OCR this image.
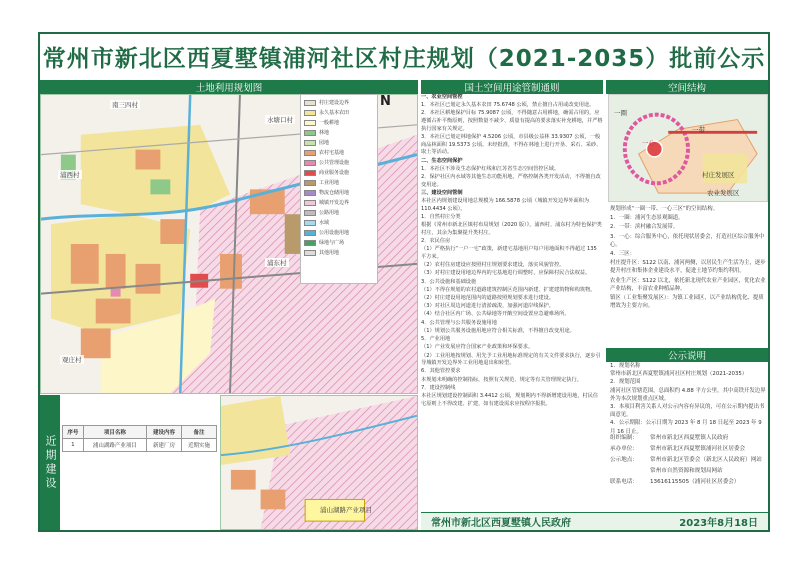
常州市新北区西夏墅镇浦河社区村庄规划（2021-2035）批前公示
土地利用规划图
N
南三四村
浦西村
浦东村
水塘口村
观庄村
村庄建设边界
永久基本农田
一般耕地
林地
园地
农村宅基地
公共管理设施
商业服务设施
工业用地
物流仓储用地
城镇开发边界
公路用地
水域
公用设施用地
绿地与广场
其他用地
近期建设
序号	项目名称	建设内容	备注
1	浦山湖路产业项目	新建厂房	近期实施
浦山湖路产业项目
国土空间用途管制通则

一、农业空间管控

1．本社区已划定永久基本农田 75.6748 公顷，禁止擅自占用或改变用途。

2．本社区耕地保护目标 75.9087 公顷，不得随意占用耕地，确需占用的，应遵循占补平衡原则，按照数量不减少、质量有提高的要求落实补充耕地，并严格执行国家有关规定。

3．本社区已划定林地保护 4.5206 公顷，市县级公益林 33.9307 公顷，一般商品林面积 19.5373 公顷。未经批准，不得在林地上进行开垦、采石、采砂、取土等活动。

二、生态空间保护

1．本社区不涉及生态保护红线和江苏省生态空间管控区域。

2．保护社区内水域等其他生态功能用地，严格控制各类开发活动，不得擅自改变用途。

三、建设空间管制

本社区内规划建设用地总规模为 166.5878 公顷（城镇开发边界外面积为 110.4434 公顷）。

1．自然村庄分类

根据《常州市新北区镇村布局规划（2020 版）》，浦西村、浦东村为特色保护类村庄，其余为集聚提升类村庄。

2．农民住房

（1）严格执行“一户一宅”政策，新建宅基地用户每户用地面积不得超过 135 平方米。

（2）农村住房建设应按照村庄规划要求建设，落实风貌管控。

（3）对村庄建设用地边界内的宅基地进行调整时，应保障村民合法权益。

3．公共设施和基础设施

（1）不得在规划的农村道路建筑控制区范围内新建、扩建建筑物和构筑物。

（2）村庄建设用地范围内的道路按照规划要求进行建设。

（3）对社区周边河道进行清淤疏浚，加强河道岸线保护。

（4）结合社区内广场、公共绿地等开敞空间设置应急避难场所。

4．公共管理与公共服务设施用地

（1）规划公共服务设施用地应符合相关标准，不得擅自改变用途。

5．产业用地

（1）产业发展应符合国家产业政策和环保要求。

（2）工业用地按规划、用先予工业用地标准规定的有关文件要求执行，逐步引导城镇开发边界外工业用地退出和转型。

6．其他管控要求

本规划未明确的控制指标，按照有关规范、规定等有关管理规定执行。

7．建设控制线

本社区规划建设控制面积 3.4412 公顷，规划期内不得新增建设用地，村民住宅原则上不得改建、扩建，如有建设需求应按程序报批。

空间结构
一心
一带
一圈
村庄发展区
农业发展区

规划形成“一圈一带、一心三区”的空间结构。

1．一圈：浦河生态景观圈道。

2．一带：滨村融合发展带。

3．一心：综合服务中心，依托现状居委会，打造社区综合服务中心。

4．三区：

村庄提升区：S122 以南、浦河两侧，以居民生产生活为主，逐步提升村庄和集体企业建设水平，促进土地节约集约利用。

农业生产区：S122 以北，依托新北现代农业产业园区，优化农业产业结构，丰富农业种植品种。

镇区（工业集聚发展区）：为镇工业园区，以产业结构优化、提质增效为主要方向。

公示说明

1．规划名称

常州市新北区西夏墅镇浦河社区村庄规划（2021-2035）

2．规划范围

浦河社区管辖范围，总面积约 4.88 平方公里，其中高铁开发边界外为本次规划重点区域。

3．本项目利害关系人对公示内容有异议的，可在公示期内提出书面意见。

4．公示期限：公示日期为 2023 年 8 月 18 日起至 2023 年 9 月 16 日止。

组织编制：	常州市新北区西夏墅镇人民政府
承办单位：	常州市新北区西夏墅镇浦河社区居委会
公示地点：	常州市新北区管委会（新北区人民政府）网站
常州市自然资源和规划局网站
联系电话：	13616115505（浦河社区居委会）
常州市新北区西夏墅镇人民政府	2023年8月18日
